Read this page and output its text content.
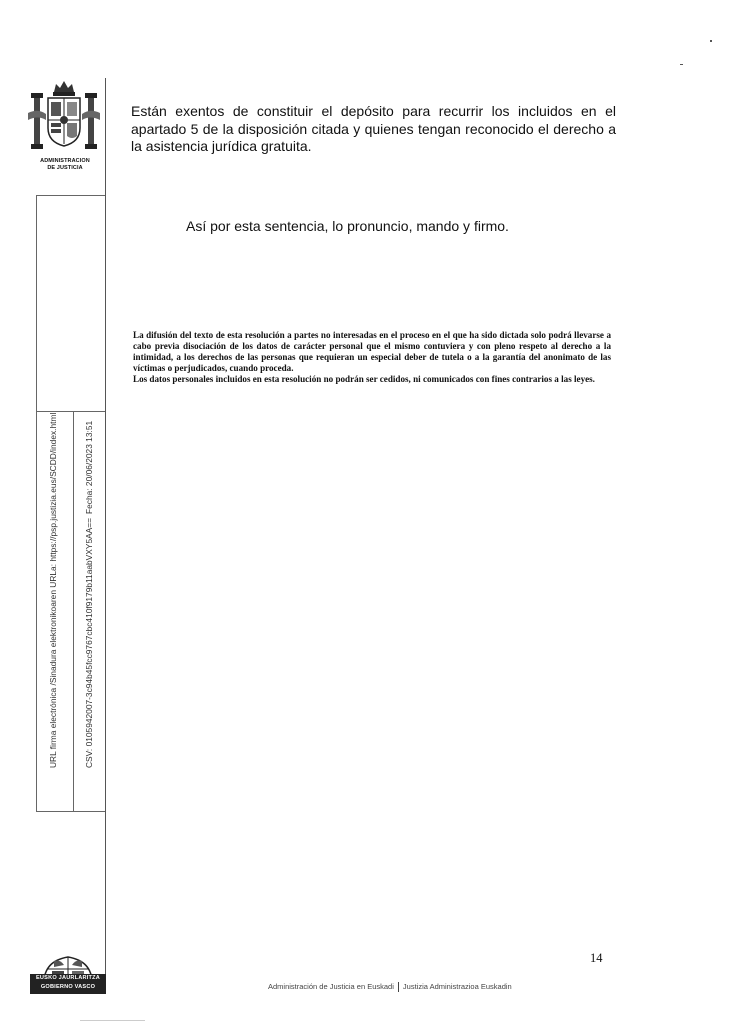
ADMINISTRACION
DE JUSTICIA
URL firma electrónica /Sinadura elektronikoaren URLa: https://psp.justizia.eus/SCDD/index.html	CSV: 0105942007-3c94b45fcc9767cbc410f9179b11aabVXY5AA==
Fecha: 20/06/2023 13:51
Están exentos de constituir el depósito para recurrir los incluidos en el apartado 5 de la disposición citada y quienes tengan reconocido el derecho a la asistencia jurídica gratuita.
Así por esta sentencia, lo pronuncio, mando y firmo.

La difusión del texto de esta resolución a partes no interesadas en el proceso en el que ha sido dictada solo podrá llevarse a cabo previa disociación de los datos de carácter personal que el mismo contuviera y con pleno respeto al derecho a la intimidad, a los derechos de las personas que requieran un especial deber de tutela o a la garantía del anonimato de las víctimas o perjudicados, cuando proceda.

Los datos personales incluidos en esta resolución no podrán ser cedidos, ni comunicados con fines contrarios a las leyes.

14
Administración de Justicia en Euskadi Justizia Administrazioa Euskadin
EUSKO JAURLARITZA
GOBIERNO VASCO
